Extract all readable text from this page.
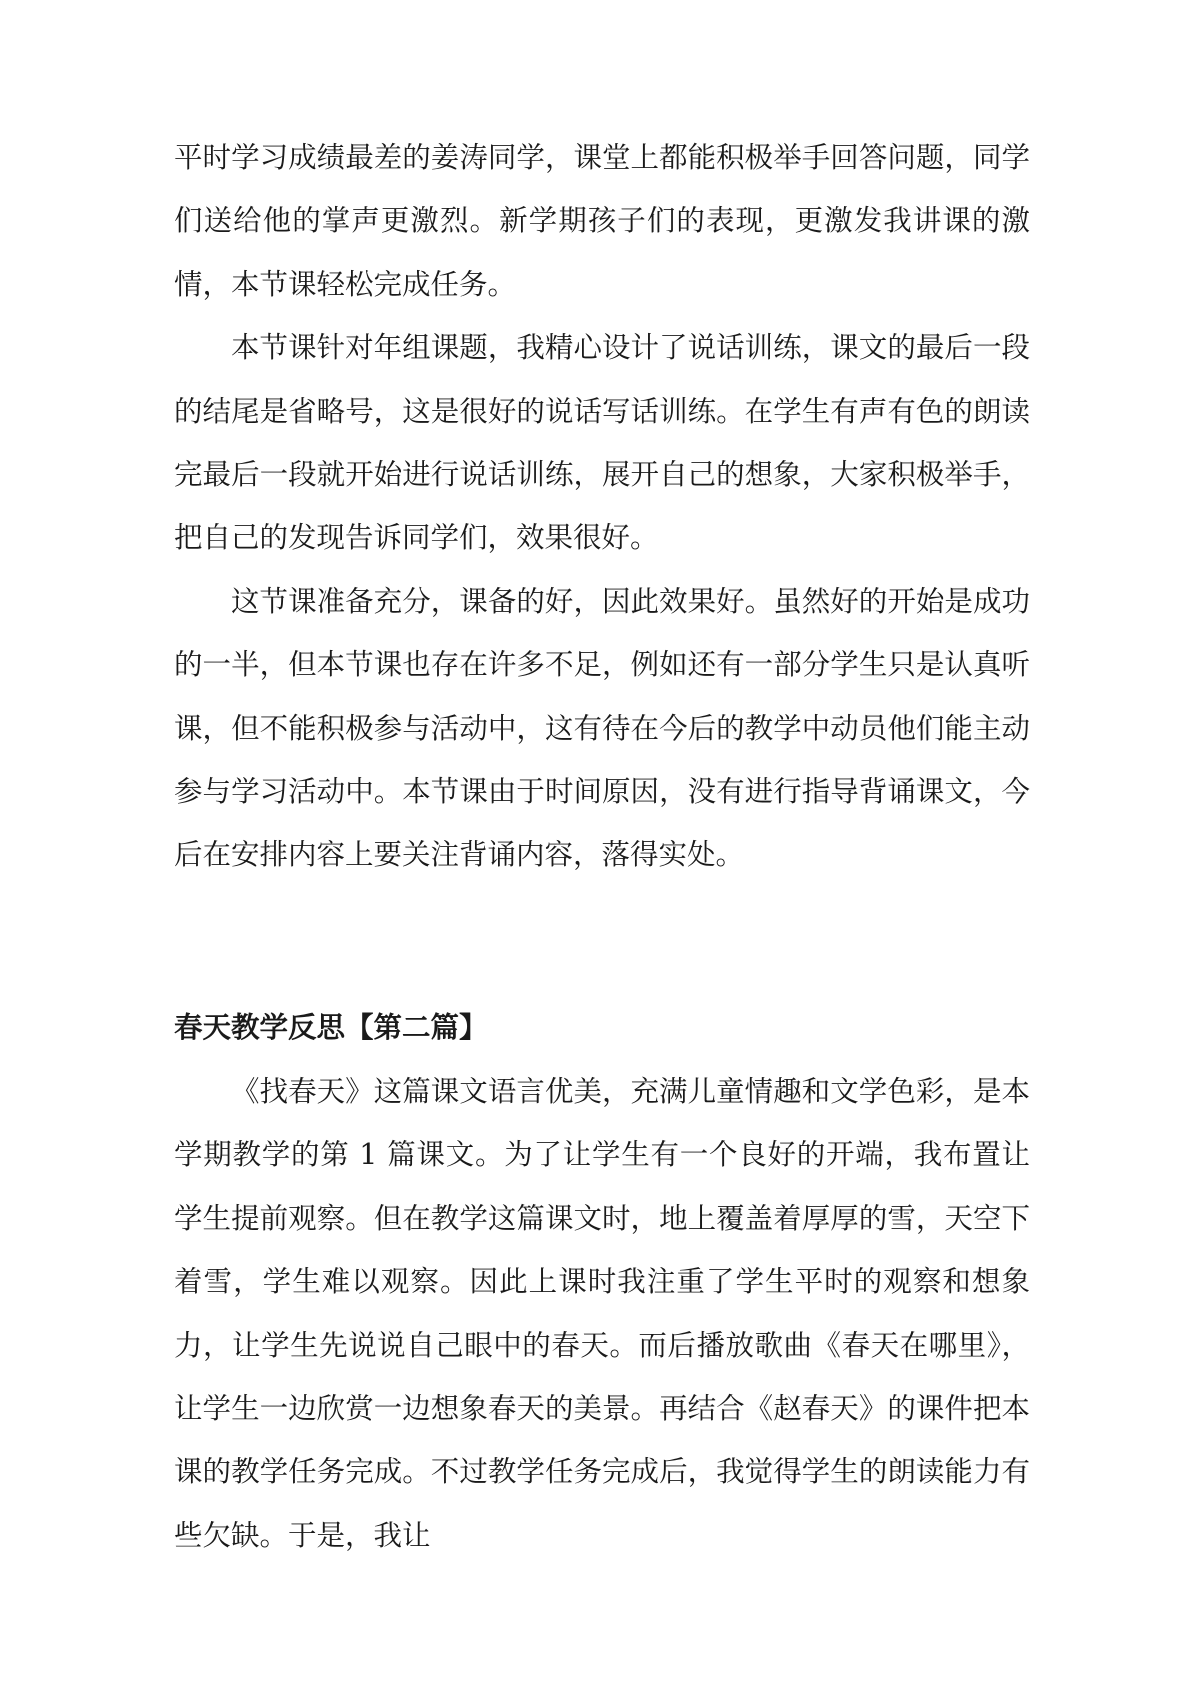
平时学习成绩最差的姜涛同学，课堂上都能积极举手回答问题，同学们送给他的掌声更激烈。新学期孩子们的表现，更激发我讲课的激情，本节课轻松完成任务。

本节课针对年组课题，我精心设计了说话训练，课文的最后一段的结尾是省略号，这是很好的说话写话训练。在学生有声有色的朗读完最后一段就开始进行说话训练，展开自己的想象，大家积极举手，把自己的发现告诉同学们，效果很好。

这节课准备充分，课备的好，因此效果好。虽然好的开始是成功的一半，但本节课也存在许多不足，例如还有一部分学生只是认真听课，但不能积极参与活动中，这有待在今后的教学中动员他们能主动参与学习活动中。本节课由于时间原因，没有进行指导背诵课文，今后在安排内容上要关注背诵内容，落得实处。

春天教学反思【第二篇】

《找春天》这篇课文语言优美，充满儿童情趣和文学色彩，是本学期教学的第 1 篇课文。为了让学生有一个良好的开端，我布置让学生提前观察。但在教学这篇课文时，地上覆盖着厚厚的雪，天空下着雪，学生难以观察。因此上课时我注重了学生平时的观察和想象力，让学生先说说自己眼中的春天。而后播放歌曲《春天在哪里》，让学生一边欣赏一边想象春天的美景。再结合《赵春天》的课件把本课的教学任务完成。不过教学任务完成后，我觉得学生的朗读能力有些欠缺。于是，我让
